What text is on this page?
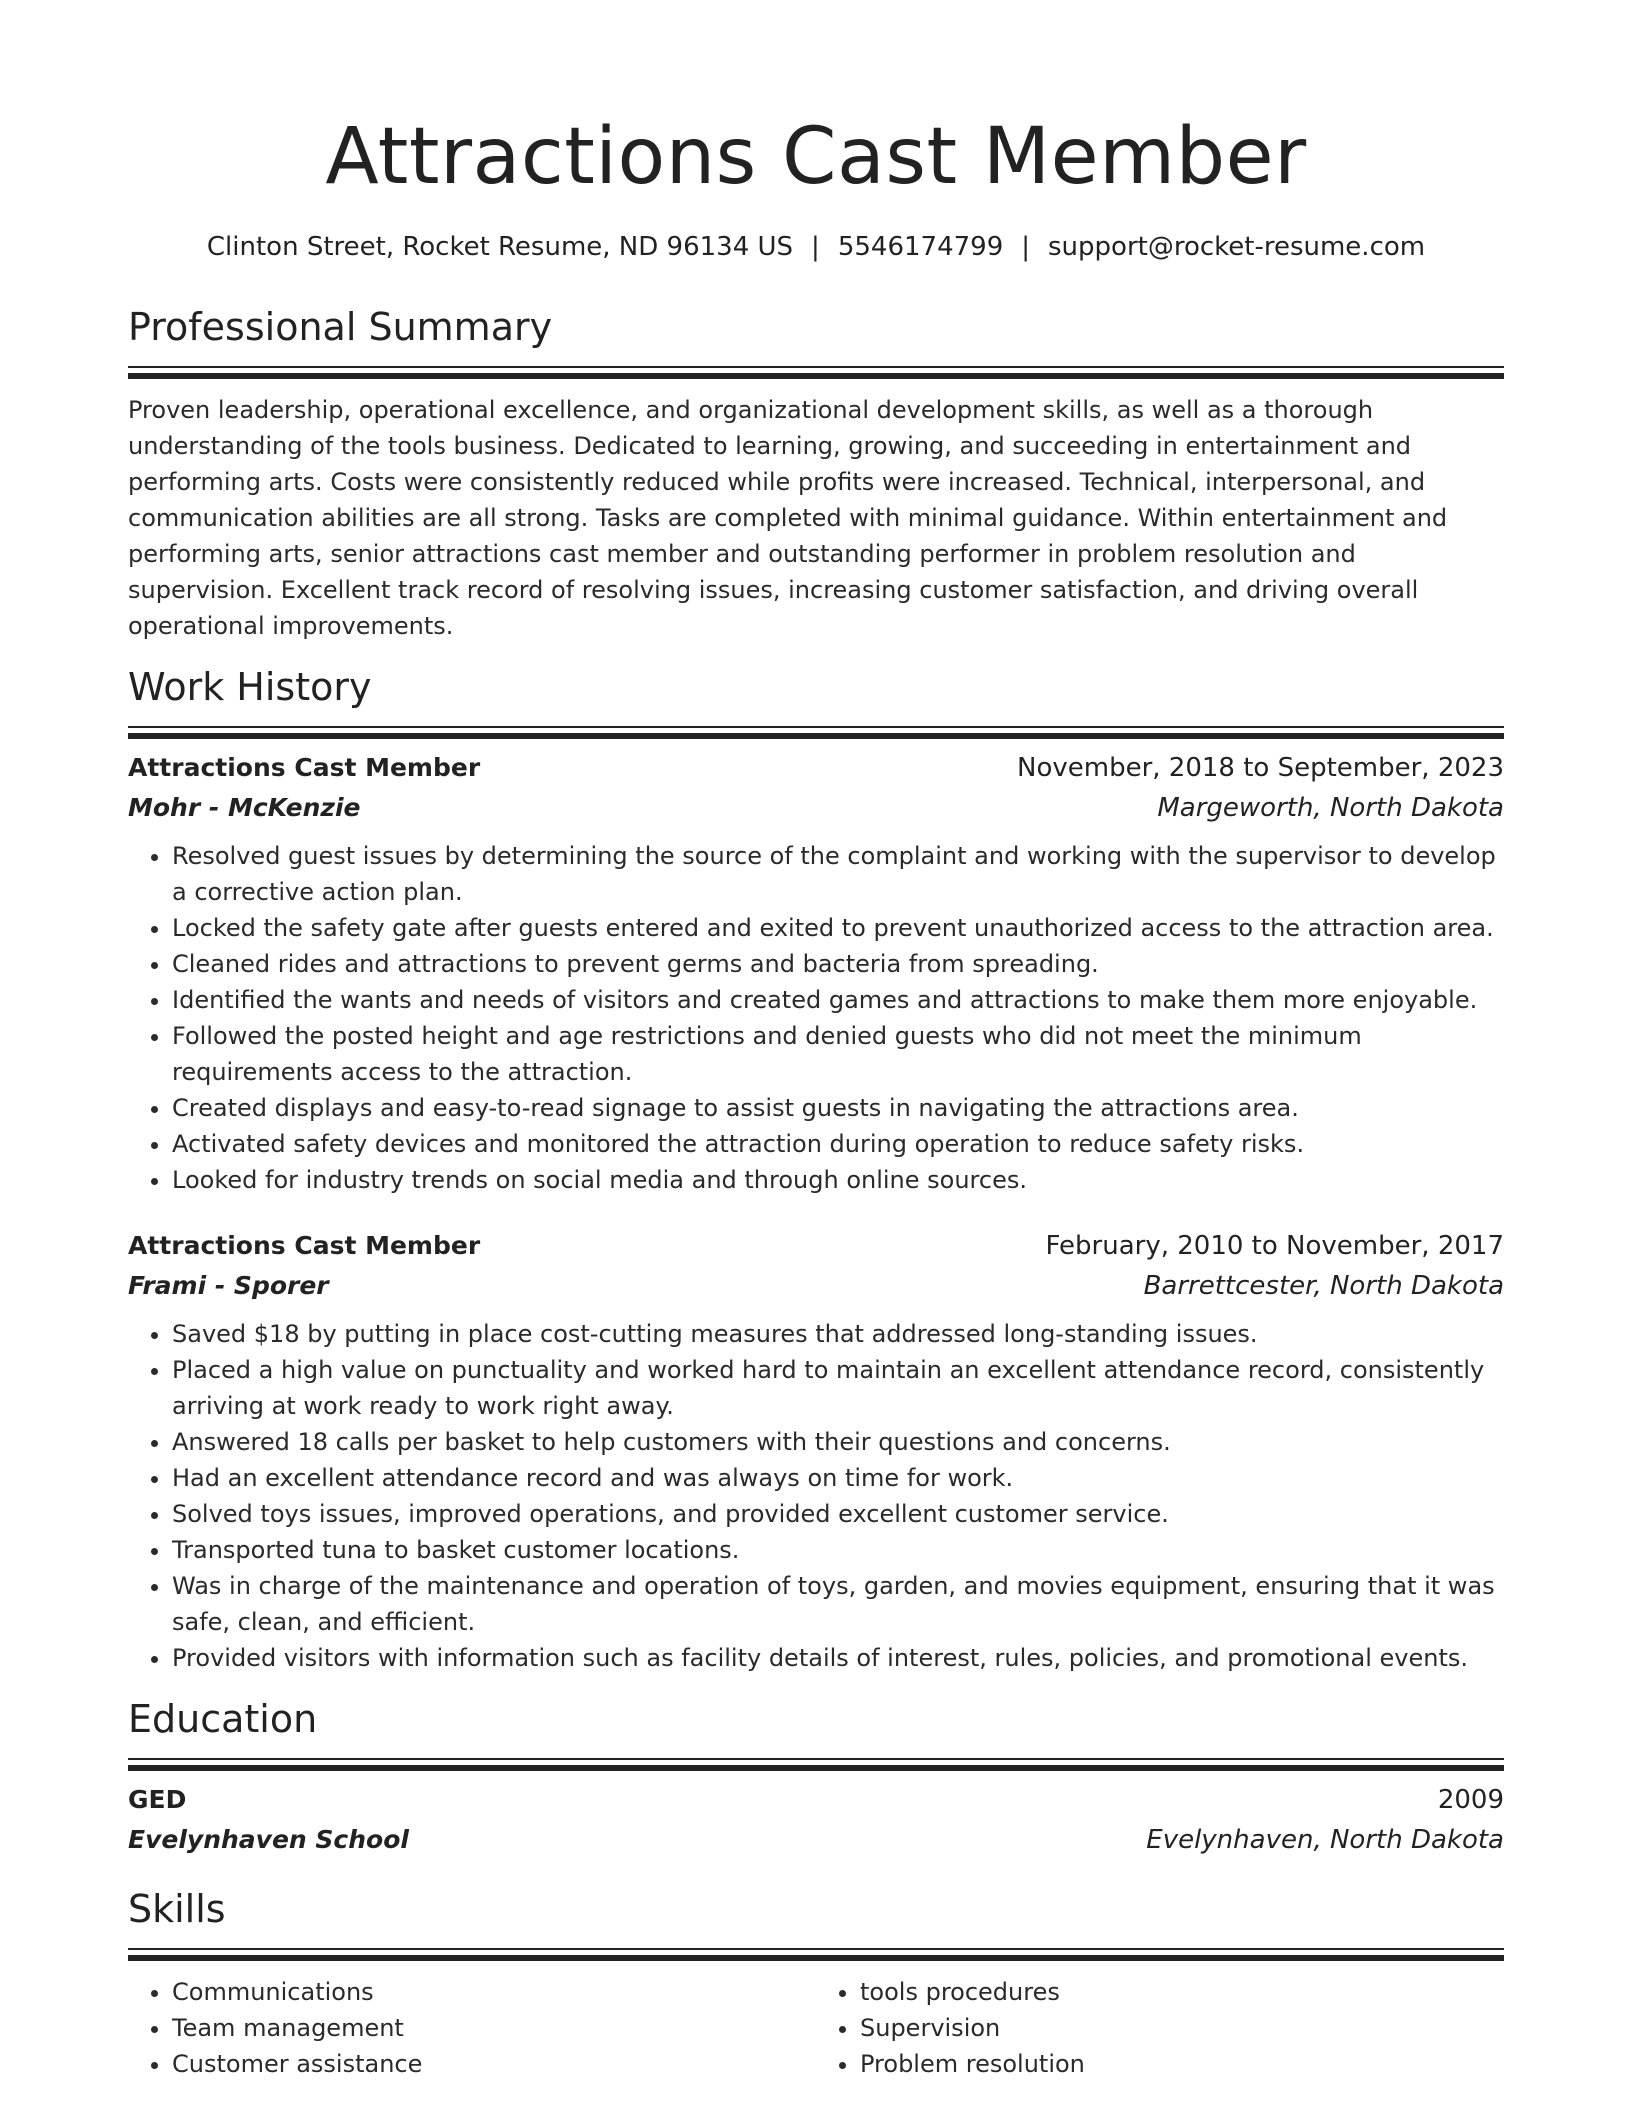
Attractions Cast Member
Clinton Street, Rocket Resume, ND 96134 US | 5546174799 | support@rocket-resume.com
Professional Summary

Proven leadership, operational excellence, and organizational development skills, as well as a thorough understanding of the tools business. Dedicated to learning, growing, and succeeding in entertainment and performing arts. Costs were consistently reduced while profits were increased. Technical, interpersonal, and communication abilities are all strong. Tasks are completed with minimal guidance. Within entertainment and performing arts, senior attractions cast member and outstanding performer in problem resolution and supervision. Excellent track record of resolving issues, increasing customer satisfaction, and driving overall operational improvements.

Work History
Attractions Cast Member	November, 2018 to September, 2023
Mohr - McKenzie	Margeworth, North Dakota
• Resolved guest issues by determining the source of the complaint and working with the supervisor to develop a corrective action plan.
• Locked the safety gate after guests entered and exited to prevent unauthorized access to the attraction area.
• Cleaned rides and attractions to prevent germs and bacteria from spreading.
• Identified the wants and needs of visitors and created games and attractions to make them more enjoyable.
• Followed the posted height and age restrictions and denied guests who did not meet the minimum requirements access to the attraction.
• Created displays and easy-to-read signage to assist guests in navigating the attractions area.
• Activated safety devices and monitored the attraction during operation to reduce safety risks.
• Looked for industry trends on social media and through online sources.
Attractions Cast Member	February, 2010 to November, 2017
Frami - Sporer	Barrettcester, North Dakota
• Saved $18 by putting in place cost-cutting measures that addressed long-standing issues.
• Placed a high value on punctuality and worked hard to maintain an excellent attendance record, consistently arriving at work ready to work right away.
• Answered 18 calls per basket to help customers with their questions and concerns.
• Had an excellent attendance record and was always on time for work.
• Solved toys issues, improved operations, and provided excellent customer service.
• Transported tuna to basket customer locations.
• Was in charge of the maintenance and operation of toys, garden, and movies equipment, ensuring that it was safe, clean, and efficient.
• Provided visitors with information such as facility details of interest, rules, policies, and promotional events.
Education
GED	2009
Evelynhaven School	Evelynhaven, North Dakota
Skills
• Communications
• Team management
• Customer assistance
• tools procedures
• Supervision
• Problem resolution
